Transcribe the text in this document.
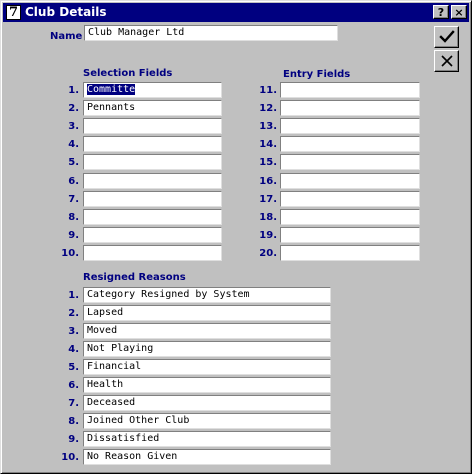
7 Club Details	? ×
Name Club Manager Ltd
Selection Fields	Entry Fields
1. Committe
2. Pennants
3.
4.
5.
6.
7.
8.
9.
10.
11.
12.
13.
14.
15.
16.
17.
18.
19.
20.
Resigned Reasons
1. Category Resigned by System
2. Lapsed
3. Moved
4. Not Playing
5. Financial
6. Health
7. Deceased
8. Joined Other Club
9. Dissatisfied
10. No Reason Given
